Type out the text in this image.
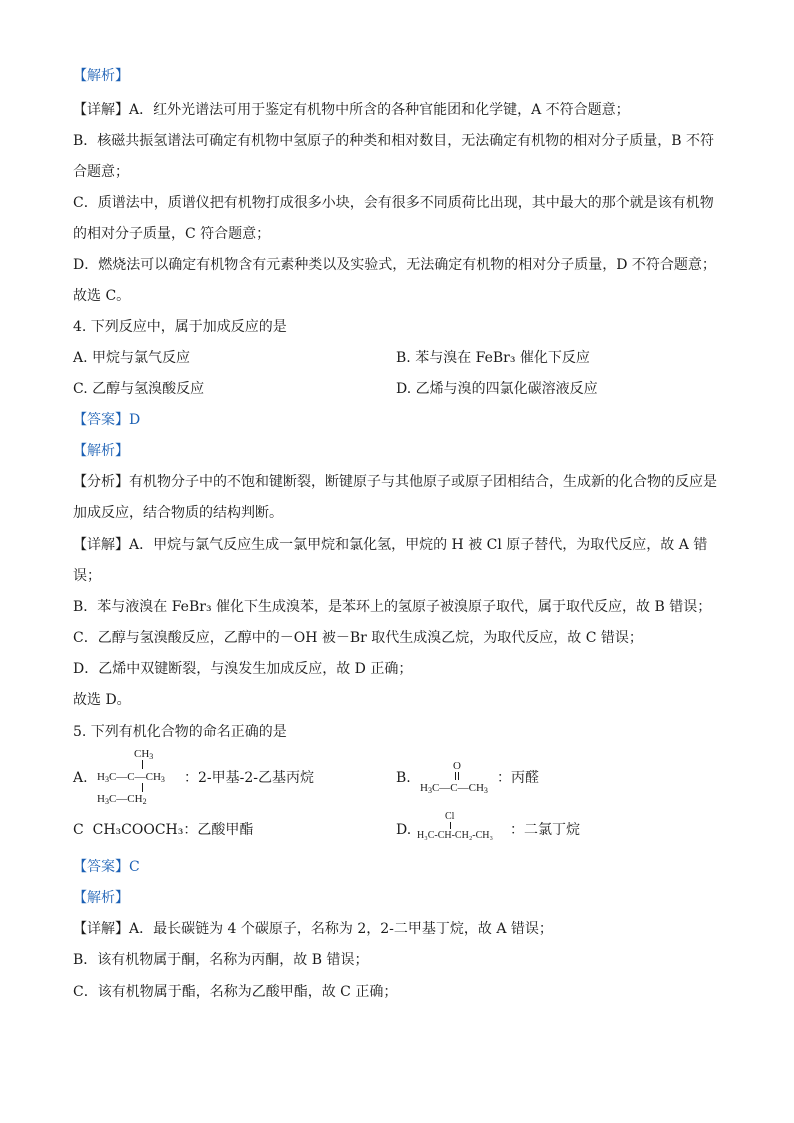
【解析】
【详解】A．红外光谱法可用于鉴定有机物中所含的各种官能团和化学键，A 不符合题意；
B．核磁共振氢谱法可确定有机物中氢原子的种类和相对数目，无法确定有机物的相对分子质量，B 不符
合题意；
C．质谱法中，质谱仪把有机物打成很多小块，会有很多不同质荷比出现，其中最大的那个就是该有机物
的相对分子质量，C 符合题意；
D．燃烧法可以确定有机物含有元素种类以及实验式，无法确定有机物的相对分子质量，D 不符合题意；
故选 C。
4. 下列反应中，属于加成反应的是
A. 甲烷与氯气反应	B. 苯与溴在 FeBr₃ 催化下反应
C. 乙醇与氢溴酸反应	D. 乙烯与溴的四氯化碳溶液反应
【答案】D
【解析】
【分析】有机物分子中的不饱和键断裂，断键原子与其他原子或原子团相结合，生成新的化合物的反应是
加成反应，结合物质的结构判断。
【详解】A．甲烷与氯气反应生成一氯甲烷和氯化氢，甲烷的 H 被 Cl 原子替代，为取代反应，故 A 错
误；
B．苯与液溴在 FeBr₃ 催化下生成溴苯，是苯环上的氢原子被溴原子取代，属于取代反应，故 B 错误；
C．乙醇与氢溴酸反应，乙醇中的－OH 被－Br 取代生成溴乙烷，为取代反应，故 C 错误；
D．乙烯中双键断裂，与溴发生加成反应，故 D 正确；
故选 D。
5. 下列有机化合物的命名正确的是
A.
$CH_3$
$H_3C—C—CH_3$
$H_3C—CH_2$
：2-甲基-2-乙基丙烷	B.
O
$H_3C—C—CH_3$
：丙醛
C CH₃COOCH₃：乙酸甲酯	D.
Cl
H₃C-CH-CH₂-CH₃ ：二氯丁烷
【答案】C
【解析】
【详解】A．最长碳链为 4 个碳原子，名称为 2，2-二甲基丁烷，故 A 错误；
B．该有机物属于酮，名称为丙酮，故 B 错误；
C．该有机物属于酯，名称为乙酸甲酯，故 C 正确；
